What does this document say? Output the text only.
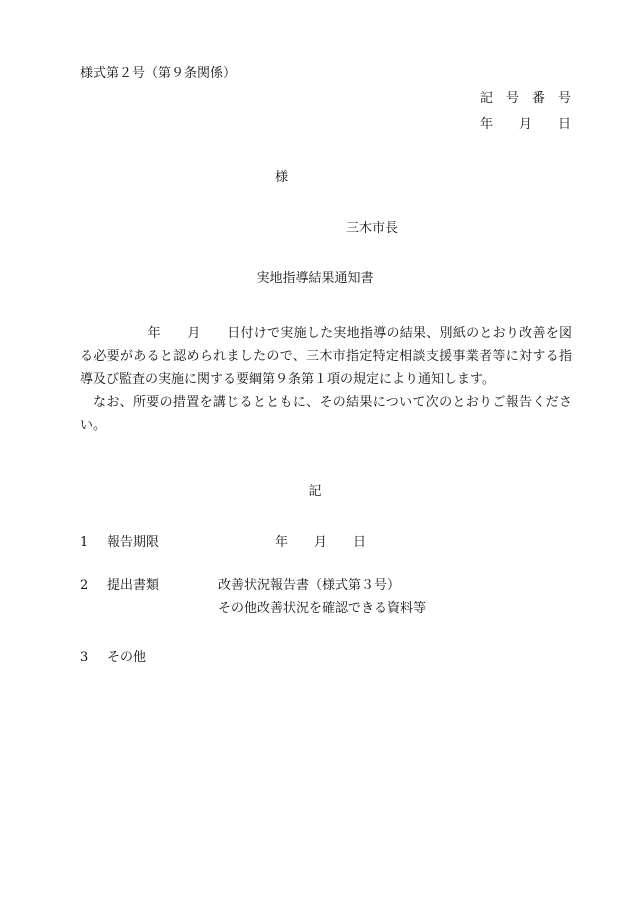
様式第２号（第９条関係）
記　号　番　号
年　　月　　日
様
三木市長
実地指導結果通知書

年　　月　　日付けで実施した実地指導の結果、別紙のとおり改善を図る必要があると認められましたので、三木市指定特定相談支援事業者等に対する指導及び監査の実施に関する要綱第９条第１項の規定により通知します。

なお、所要の措置を講じるとともに、その結果について次のとおりご報告ください。

記
1 報告期限	年　　月　　日
2 提出書類	改善状況報告書（様式第３号）
その他改善状況を確認できる資料等
3 その他
